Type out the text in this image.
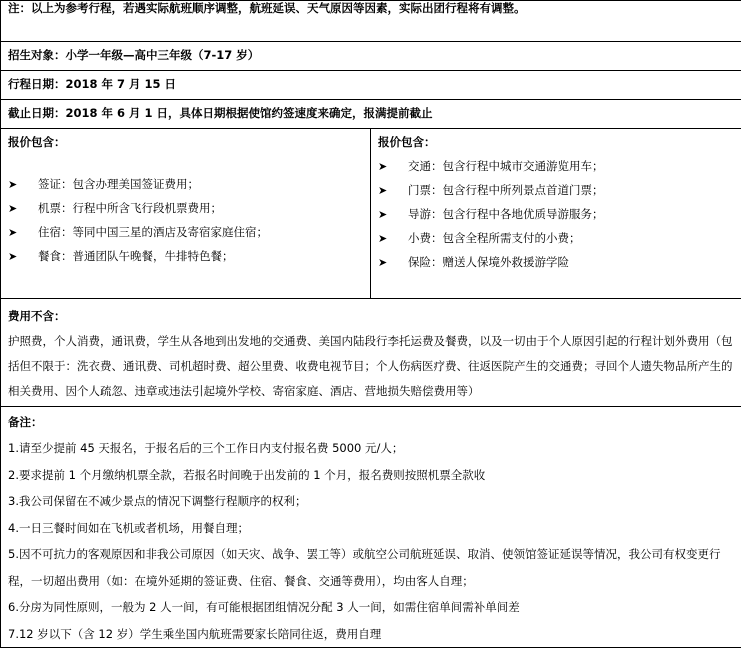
注：以上为参考行程，若遇实际航班顺序调整，航班延误、天气原因等因素，实际出团行程将有调整。

招生对象：小学一年级—高中三年级（7-17 岁）

行程日期：2018 年 7 月 15 日

截止日期：2018 年 6 月 1 日，具体日期根据使馆约签速度来确定，报满提前截止

报价包含：
➤	签证：包含办理美国签证费用；
➤	机票：行程中所含飞行段机票费用；
➤	住宿：等同中国三星的酒店及寄宿家庭住宿；
➤	餐食：普通团队午晚餐，牛排特色餐；

报价包含：
➤	交通：包含行程中城市交通游览用车；
➤	门票：包含行程中所列景点首道门票；
➤	导游：包含行程中各地优质导游服务；
➤	小费：包含全程所需支付的小费；
➤	保险：赠送人保境外救援游学险

费用不含：
护照费，个人消费，通讯费，学生从各地到出发地的交通费、美国内陆段行李托运费及餐费，以及一切由于个人原因引起的行程计划外费用（包括但不限于：洗衣费、通讯费、司机超时费、超公里费、收费电视节目；个人伤病医疗费、往返医院产生的交通费；寻回个人遗失物品所产生的相关费用、因个人疏忽、违章或违法引起境外学校、寄宿家庭、酒店、营地损失赔偿费用等）

备注：
1.请至少提前 45 天报名，于报名后的三个工作日内支付报名费 5000 元/人；
2.要求提前 1 个月缴纳机票全款，若报名时间晚于出发前的 1 个月，报名费则按照机票全款收
3.我公司保留在不减少景点的情况下调整行程顺序的权利；
4.一日三餐时间如在飞机或者机场，用餐自理；
5.因不可抗力的客观原因和非我公司原因（如天灾、战争、罢工等）或航空公司航班延误、取消、使领馆签证延误等情况，我公司有权变更行程，一切超出费用（如：在境外延期的签证费、住宿、餐食、交通等费用），均由客人自理；
6.分房为同性原则，一般为 2 人一间，有可能根据团组情况分配 3 人一间，如需住宿单间需补单间差
7.12 岁以下（含 12 岁）学生乘坐国内航班需要家长陪同往返，费用自理
